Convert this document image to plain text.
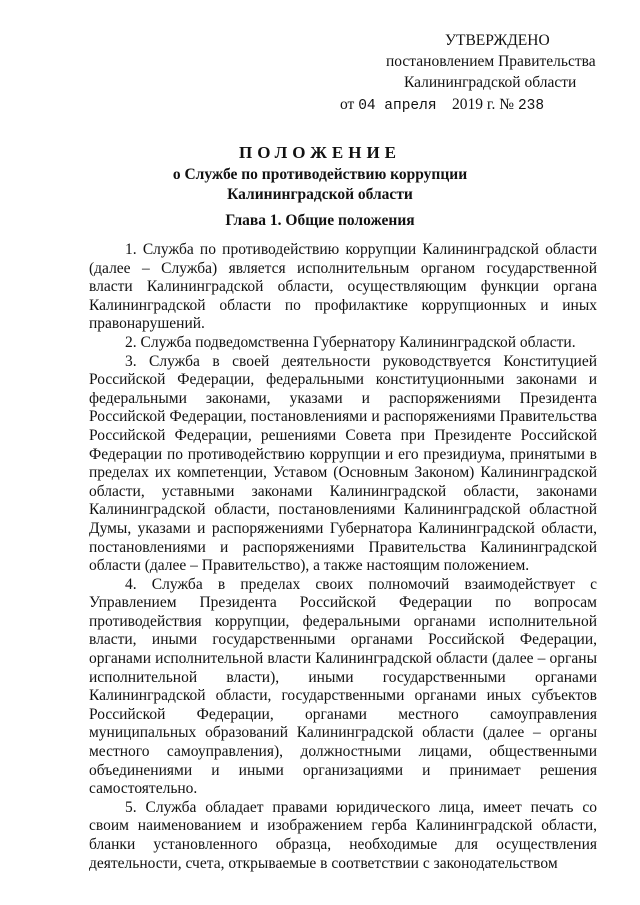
УТВЕРЖДЕНО
постановлением Правительства
Калининградской области
от 04 апреля 2019 г. № 238
ПОЛОЖЕНИЕ
о Службе по противодействию коррупции
Калининградской области
Глава 1. Общие положения

1. Служба по противодействию коррупции Калининградской области (далее – Служба) является исполнительным органом государственной власти Калининградской области, осуществляющим функции органа Калининградской области по профилактике коррупционных и иных правонарушений.

2. Служба подведомственна Губернатору Калининградской области.

3. Служба в своей деятельности руководствуется Конституцией Российской Федерации, федеральными конституционными законами и федеральными законами, указами и распоряжениями Президента Российской Федерации, постановлениями и распоряжениями Правительства Российской Федерации, решениями Совета при Президенте Российской Федерации по противодействию коррупции и его президиума, принятыми в пределах их компетенции, Уставом (Основным Законом) Калининградской области, уставными законами Калининградской области, законами Калининградской области, постановлениями Калининградской областной Думы, указами и распоряжениями Губернатора Калининградской области, постановлениями и распоряжениями Правительства Калининградской области (далее – Правительство), а также настоящим положением.

4. Служба в пределах своих полномочий взаимодействует с Управлением Президента Российской Федерации по вопросам противодействия коррупции, федеральными органами исполнительной власти, иными государственными органами Российской Федерации, органами исполнительной власти Калининградской области (далее – органы исполнительной власти), иными государственными органами Калининградской области, государственными органами иных субъектов Российской Федерации, органами местного самоуправления муниципальных образований Калининградской области (далее – органы местного самоуправления), должностными лицами, общественными объединениями и иными организациями и принимает решения самостоятельно.

5. Служба обладает правами юридического лица, имеет печать со своим наименованием и изображением герба Калининградской области, бланки установленного образца, необходимые для осуществления деятельности, счета, открываемые в соответствии с законодательством
